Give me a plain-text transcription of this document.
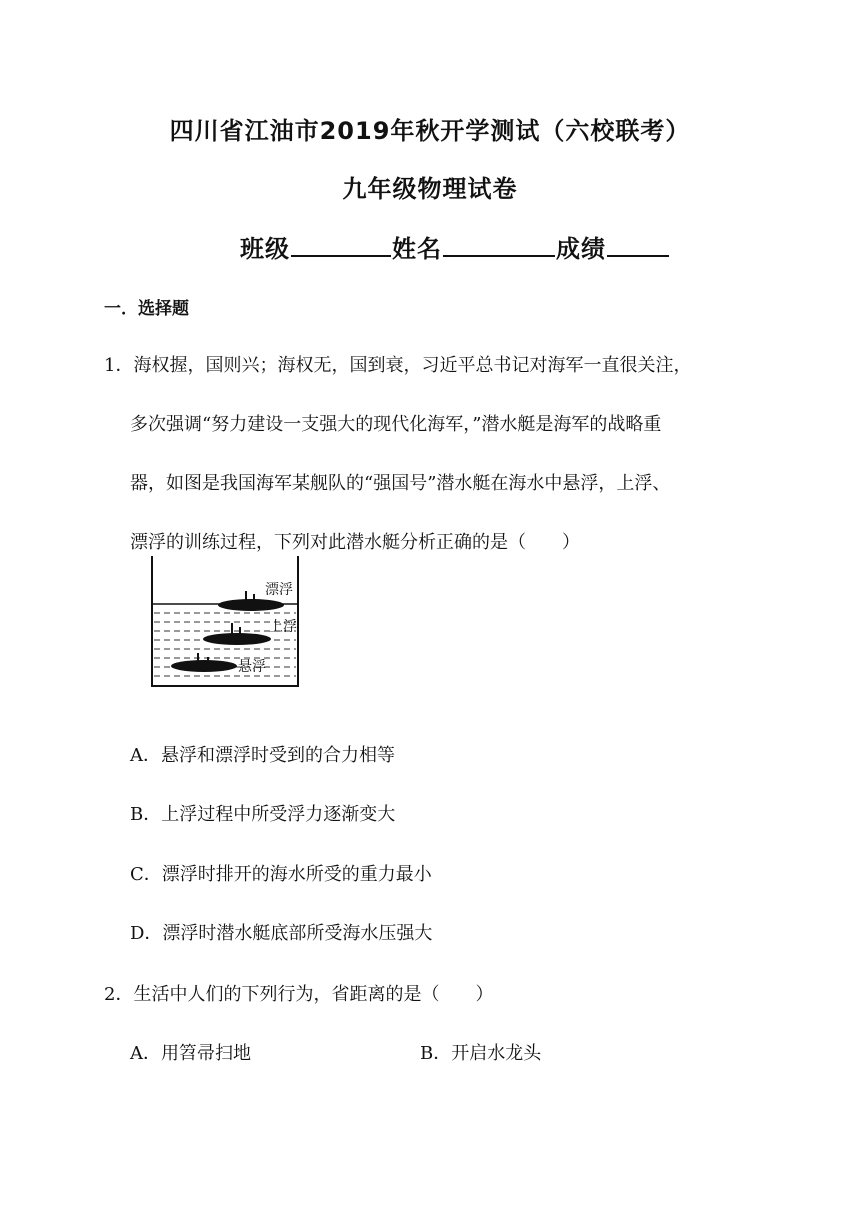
四川省江油市2019年秋开学测试（六校联考）
九年级物理试卷
班级	姓名	成绩
一．选择题
1．海权握，国则兴；海权无，国到衰，习近平总书记对海军一直很关注，
多次强调“努力建设一支强大的现代化海军，”潜水艇是海军的战略重
器，如图是我国海军某舰队的“强国号”潜水艇在海水中悬浮，上浮、
漂浮的训练过程，下列对此潜水艇分析正确的是（　　）
漂浮
上浮
悬浮
A．悬浮和漂浮时受到的合力相等
B．上浮过程中所受浮力逐渐变大
C．漂浮时排开的海水所受的重力最小
D．漂浮时潜水艇底部所受海水压强大
2．生活中人们的下列行为，省距离的是（　　）
A．用笤帚扫地	B．开启水龙头
